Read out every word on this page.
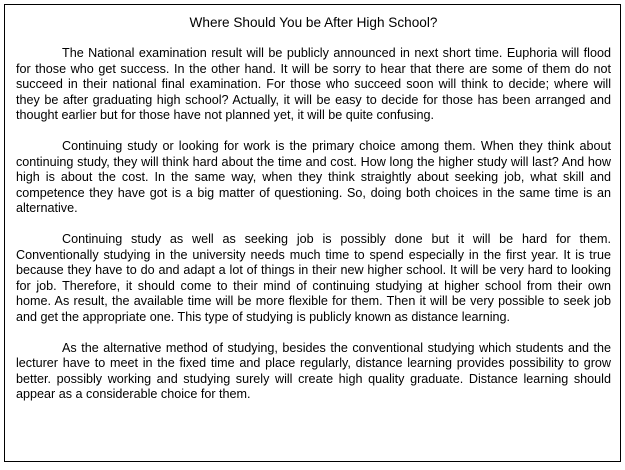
Where Should You be After High School?

The National examination result will be publicly announced in next short time. Euphoria will flood for those who get success. In the other hand. It will be sorry to hear that there are some of them do not succeed in their national final examination. For those who succeed soon will think to decide; where will they be after graduating high school? Actually, it will be easy to decide for those has been arranged and thought earlier but for those have not planned yet, it will be quite confusing.

Continuing study or looking for work is the primary choice among them. When they think about continuing study, they will think hard about the time and cost. How long the higher study will last? And how high is about the cost. In the same way, when they think straightly about seeking job, what skill and competence they have got is a big matter of questioning. So, doing both choices in the same time is an alternative.

Continuing study as well as seeking job is possibly done but it will be hard for them. Conventionally studying in the university needs much time to spend especially in the first year. It is true because they have to do and adapt a lot of things in their new higher school. It will be very hard to looking for job. Therefore, it should come to their mind of continuing studying at higher school from their own home. As result, the available time will be more flexible for them. Then it will be very possible to seek job and get the appropriate one. This type of studying is publicly known as distance learning.

As the alternative method of studying, besides the conventional studying which students and the lecturer have to meet in the fixed time and place regularly, distance learning provides possibility to grow better. possibly working and studying surely will create high quality graduate. Distance learning should appear as a considerable choice for them.
